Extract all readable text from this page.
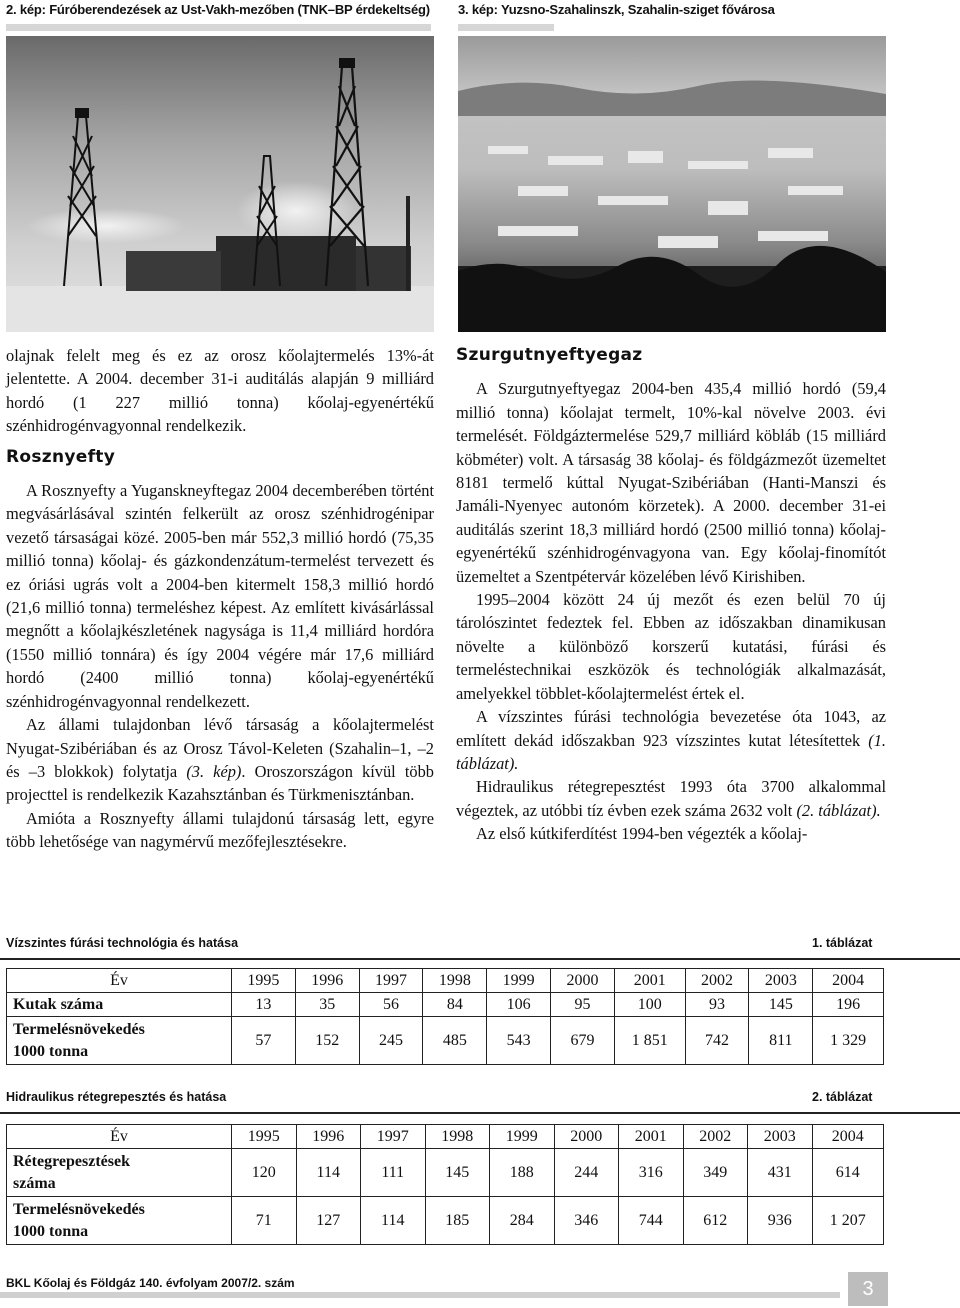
2. kép: Fúróberendezések az Ust-Vakh-mezőben (TNK–BP érdekeltség) 3. kép: Yuzsno-Szahalinszk, Szahalin-sziget fővárosa

olajnak felelt meg és ez az orosz kőolajtermelés 13%-át jelentette. A 2004. december 31-i auditálás alapján 9 milliárd hordó (1 227 millió tonna) kőolaj-egyenértékű szénhidrogénvagyonnal rendelkezik.

Rosznyefty

A Rosznyefty a Yuganskneyftegaz 2004 decemberében történt megvásárlásával szintén felkerült az orosz szénhidrogénipar vezető társaságai közé. 2005-ben már 552,3 millió hordó (75,35 millió tonna) kőolaj- és gázkondenzátum-termelést tervezett és ez óriási ugrás volt a 2004-ben kitermelt 158,3 millió hordó (21,6 millió tonna) termeléshez képest. Az említett kivásárlással megnőtt a kőolajkészletének nagysága is 11,4 milliárd hordóra (1550 millió tonnára) és így 2004 végére már 17,6 milliárd hordó (2400 millió tonna) kőolaj-egyenértékű szénhidrogénvagyonnal rendelkezett.

Az állami tulajdonban lévő társaság a kőolajtermelést Nyugat-Szibériában és az Orosz Távol-Keleten (Szahalin–1, –2 és –3 blokkok) folytatja (3. kép). Oroszországon kívül több projecttel is rendelkezik Kazahsztánban és Türkmenisztánban.

Amióta a Rosznyefty állami tulajdonú társaság lett, egyre több lehetősége van nagymérvű mezőfejlesztésekre.

Szurgutnyeftyegaz

A Szurgutnyeftyegaz 2004-ben 435,4 millió hordó (59,4 millió tonna) kőolajat termelt, 10%-kal növelve 2003. évi termelését. Földgáztermelése 529,7 milliárd köbláb (15 milliárd köbméter) volt. A társaság 38 kőolaj- és földgázmezőt üzemeltet 8181 termelő kúttal Nyugat-Szibériában (Hanti-Manszi és Jamáli-Nyenyec autonóm körzetek). A 2000. december 31-ei auditálás szerint 18,3 milliárd hordó (2500 millió tonna) kőolaj-egyenértékű szénhidrogénvagyona van. Egy kőolaj-finomítót üzemeltet a Szentpétervár közelében lévő Kirishiben.

1995–2004 között 24 új mezőt és ezen belül 70 új tárolószintet fedeztek fel. Ebben az időszakban dinamikusan növelte a különböző korszerű kutatási, fúrási és termeléstechnikai eszközök és technológiák alkalmazását, amelyekkel többlet-kőolajtermelést értek el.

A vízszintes fúrási technológia bevezetése óta 1043, az említett dekád időszakban 923 vízszintes kutat létesítettek (1. táblázat).

Hidraulikus rétegrepesztést 1993 óta 3700 alkalommal végeztek, az utóbbi tíz évben ezek száma 2632 volt (2. táblázat).

Az első kútkiferdítést 1994-ben végezték a kőolaj-

Vízszintes fúrási technológia és hatása	1. táblázat
Év	1995	1996	1997	1998	1999	2000	2001	2002	2003	2004
Kutak száma	13	35	56	84	106	95	100	93	145	196
Termelésnövekedés
1000 tonna	57	152	245	485	543	679	1 851	742	811	1 329
Hidraulikus rétegrepesztés és hatása	2. táblázat
Év	1995	1996	1997	1998	1999	2000	2001	2002	2003	2004
Rétegrepesztések
száma	120	114	111	145	188	244	316	349	431	614
Termelésnövekedés
1000 tonna	71	127	114	185	284	346	744	612	936	1 207
BKL Kőolaj és Földgáz 140. évfolyam 2007/2. szám	3
